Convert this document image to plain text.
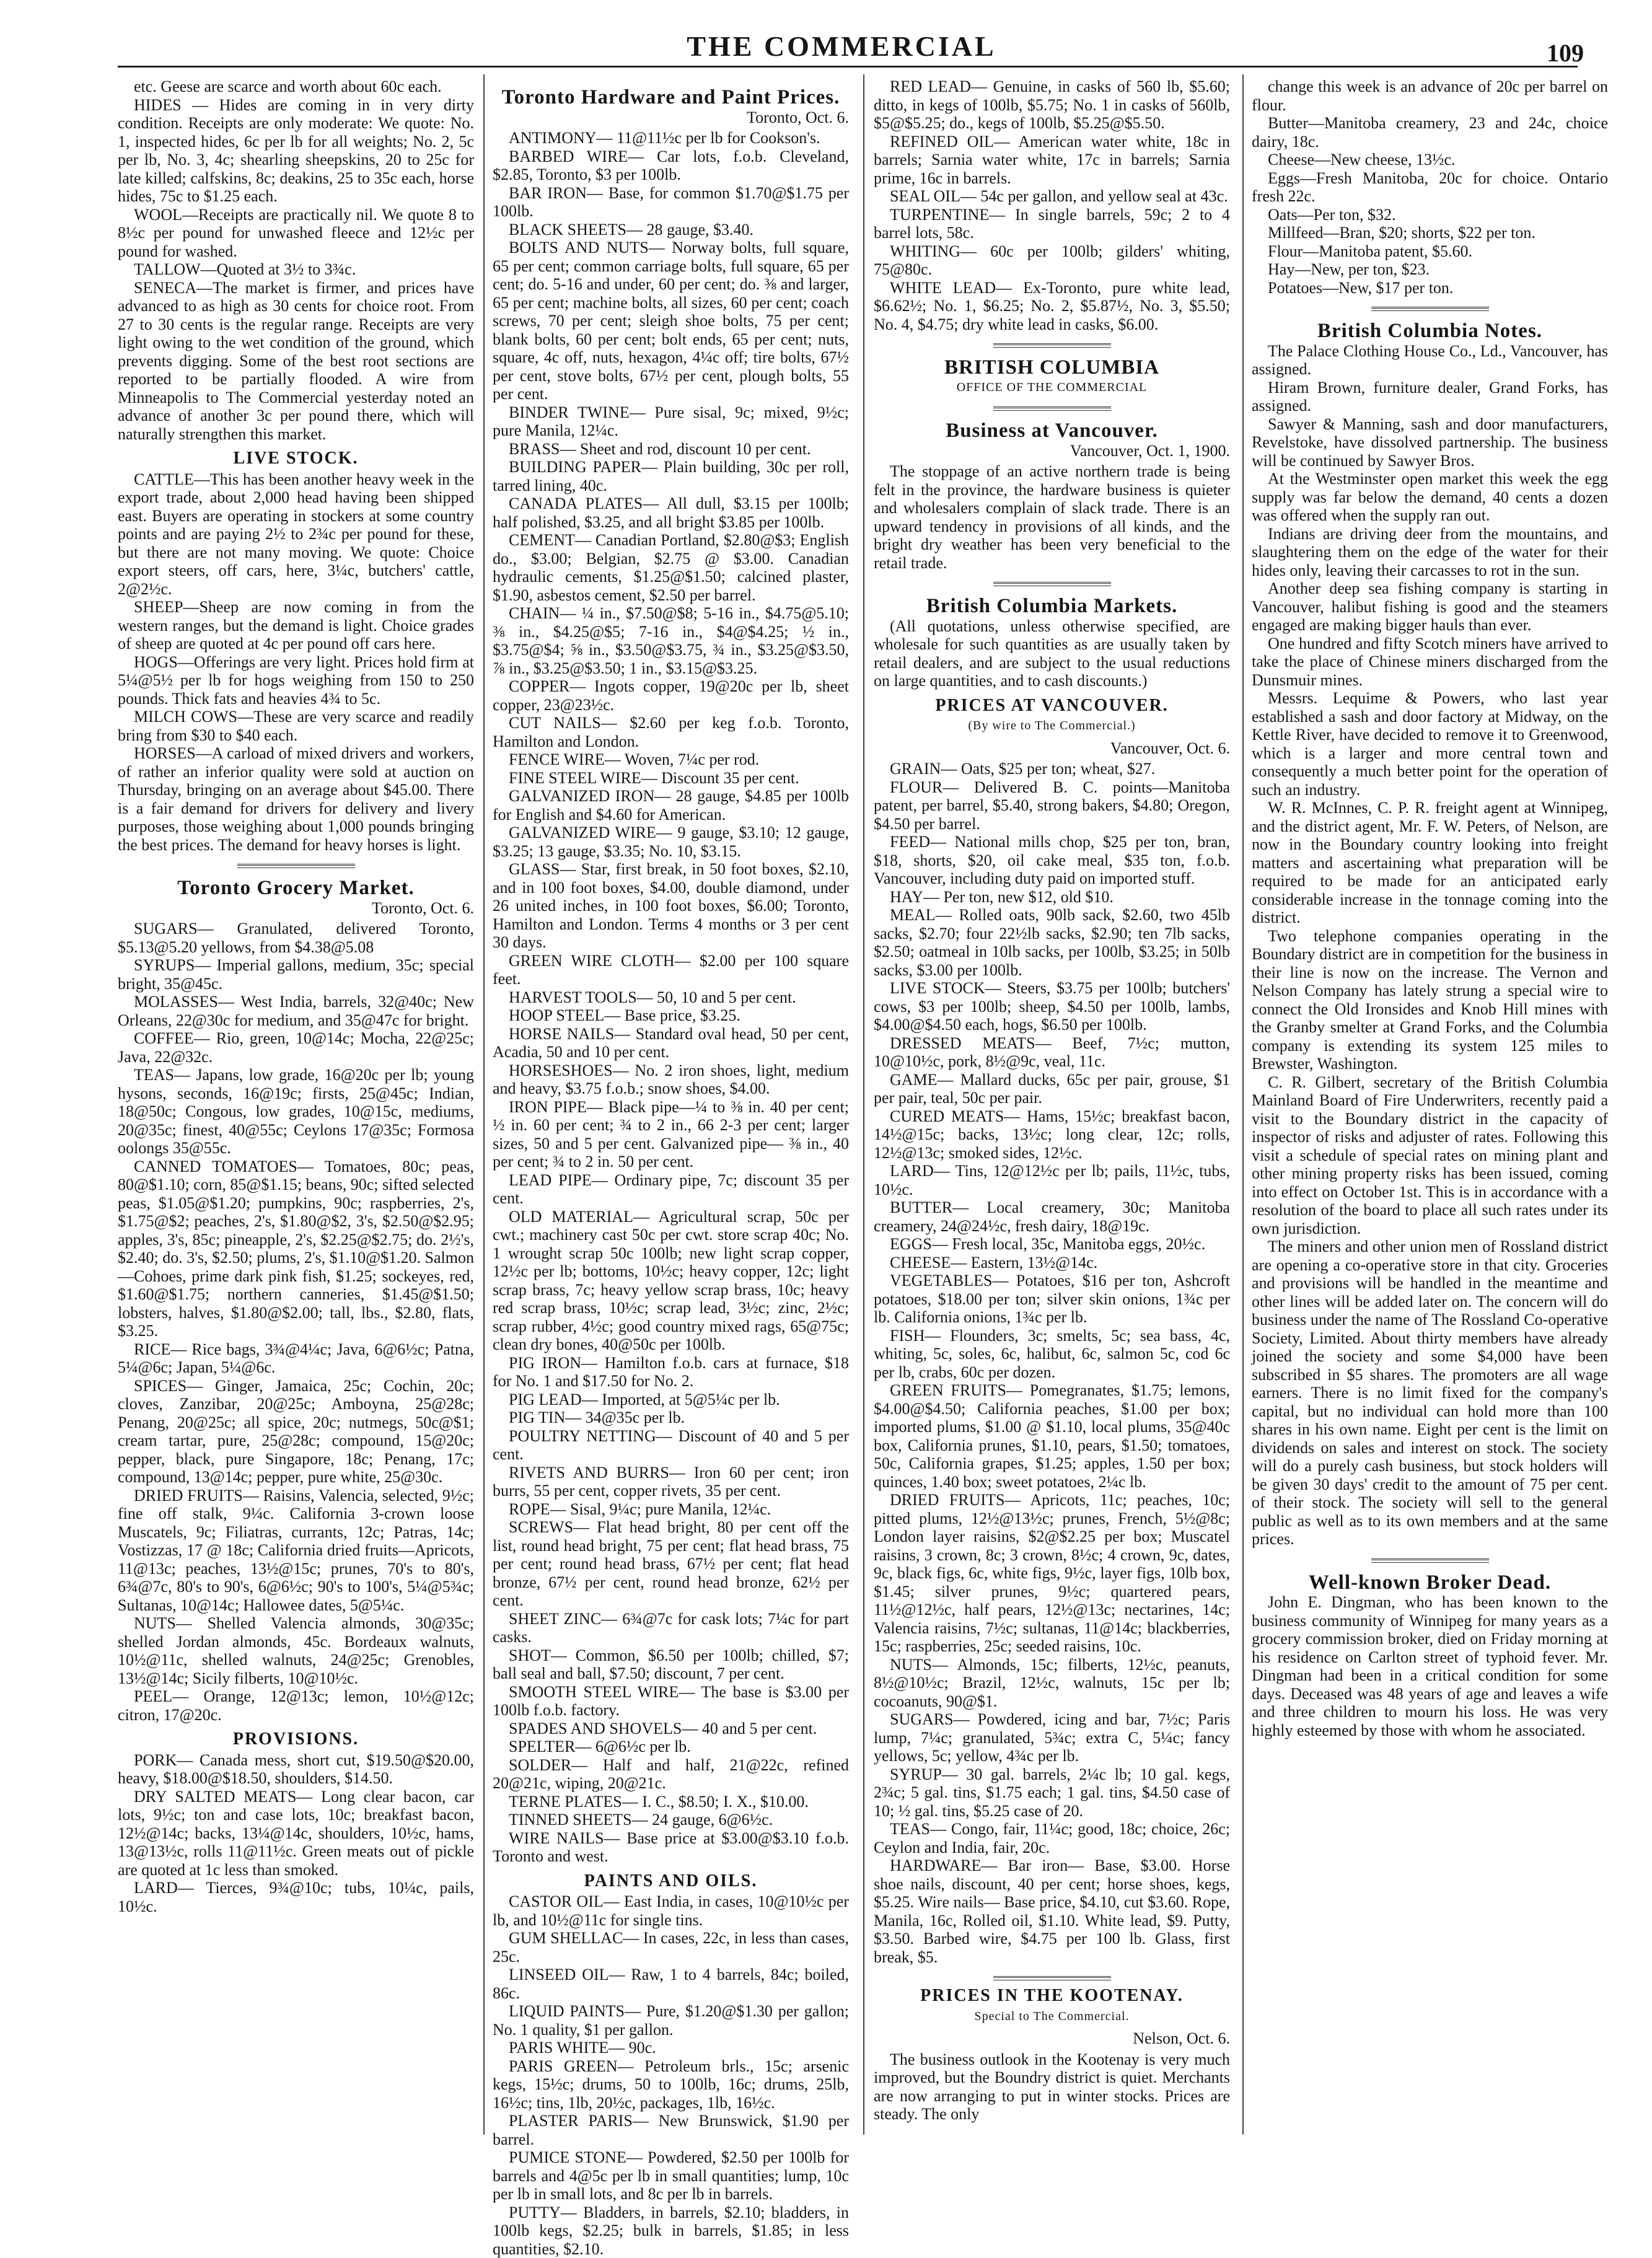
THE COMMERCIAL	109

etc. Geese are scarce and worth about 60c each.

HIDES — Hides are coming in in very dirty condition. Receipts are only moderate: We quote: No. 1, inspected hides, 6c per lb for all weights; No. 2, 5c per lb, No. 3, 4c; shearling sheepskins, 20 to 25c for late killed; calfskins, 8c; deakins, 25 to 35c each, horse hides, 75c to $1.25 each.

WOOL—Receipts are practically nil. We quote 8 to 8½c per pound for unwashed fleece and 12½c per pound for washed.

TALLOW—Quoted at 3½ to 3¾c.

SENECA—The market is firmer, and prices have advanced to as high as 30 cents for choice root. From 27 to 30 cents is the regular range. Receipts are very light owing to the wet condition of the ground, which prevents digging. Some of the best root sections are reported to be partially flooded. A wire from Minneapolis to The Commercial yesterday noted an advance of another 3c per pound there, which will naturally strengthen this market.

LIVE STOCK.

CATTLE—This has been another heavy week in the export trade, about 2,000 head having been shipped east. Buyers are operating in stockers at some country points and are paying 2½ to 2¾c per pound for these, but there are not many moving. We quote: Choice export steers, off cars, here, 3¼c, butchers' cattle, 2@2½c.

SHEEP—Sheep are now coming in from the western ranges, but the demand is light. Choice grades of sheep are quoted at 4c per pound off cars here.

HOGS—Offerings are very light. Prices hold firm at 5¼@5½ per lb for hogs weighing from 150 to 250 pounds. Thick fats and heavies 4¾ to 5c.

MILCH COWS—These are very scarce and readily bring from $30 to $40 each.

HORSES—A carload of mixed drivers and workers, of rather an inferior quality were sold at auction on Thursday, bringing on an average about $45.00. There is a fair demand for drivers for delivery and livery purposes, those weighing about 1,000 pounds bringing the best prices. The demand for heavy horses is light.

Toronto Grocery Market.
Toronto, Oct. 6.

SUGARS— Granulated, delivered Toronto, $5.13@5.20 yellows, from $4.38@5.08

SYRUPS— Imperial gallons, medium, 35c; special bright, 35@45c.

MOLASSES— West India, barrels, 32@40c; New Orleans, 22@30c for medium, and 35@47c for bright.

COFFEE— Rio, green, 10@14c; Mocha, 22@25c; Java, 22@32c.

TEAS— Japans, low grade, 16@20c per lb; young hysons, seconds, 16@19c; firsts, 25@45c; Indian, 18@50c; Congous, low grades, 10@15c, mediums, 20@35c; finest, 40@55c; Ceylons 17@35c; Formosa oolongs 35@55c.

CANNED TOMATOES— Tomatoes, 80c; peas, 80@$1.10; corn, 85@$1.15; beans, 90c; sifted selected peas, $1.05@$1.20; pumpkins, 90c; raspberries, 2's, $1.75@$2; peaches, 2's, $1.80@$2, 3's, $2.50@$2.95; apples, 3's, 85c; pineapple, 2's, $2.25@$2.75; do. 2½'s, $2.40; do. 3's, $2.50; plums, 2's, $1.10@$1.20. Salmon—Cohoes, prime dark pink fish, $1.25; sockeyes, red, $1.60@$1.75; northern canneries, $1.45@$1.50; lobsters, halves, $1.80@$2.00; tall, lbs., $2.80, flats, $3.25.

RICE— Rice bags, 3¾@4¼c; Java, 6@6½c; Patna, 5¼@6c; Japan, 5¼@6c.

SPICES— Ginger, Jamaica, 25c; Cochin, 20c; cloves, Zanzibar, 20@25c; Amboyna, 25@28c; Penang, 20@25c; all spice, 20c; nutmegs, 50c@$1; cream tartar, pure, 25@28c; compound, 15@20c; pepper, black, pure Singapore, 18c; Penang, 17c; compound, 13@14c; pepper, pure white, 25@30c.

DRIED FRUITS— Raisins, Valencia, selected, 9½c; fine off stalk, 9¼c. California 3-crown loose Muscatels, 9c; Filiatras, currants, 12c; Patras, 14c; Vostizzas, 17 @ 18c; California dried fruits—Apricots, 11@13c; peaches, 13½@15c; prunes, 70's to 80's, 6¾@7c, 80's to 90's, 6@6½c; 90's to 100's, 5¼@5¾c; Sultanas, 10@14c; Hallowee dates, 5@5¼c.

NUTS— Shelled Valencia almonds, 30@35c; shelled Jordan almonds, 45c. Bordeaux walnuts, 10½@11c, shelled walnuts, 24@25c; Grenobles, 13½@14c; Sicily filberts, 10@10½c.

PEEL— Orange, 12@13c; lemon, 10½@12c; citron, 17@20c.

PROVISIONS.

PORK— Canada mess, short cut, $19.50@$20.00, heavy, $18.00@$18.50, shoulders, $14.50.

DRY SALTED MEATS— Long clear bacon, car lots, 9½c; ton and case lots, 10c; breakfast bacon, 12½@14c; backs, 13¼@14c, shoulders, 10½c, hams, 13@13½c, rolls 11@11½c. Green meats out of pickle are quoted at 1c less than smoked.

LARD— Tierces, 9¾@10c; tubs, 10¼c, pails, 10½c.

Toronto Hardware and Paint Prices.
Toronto, Oct. 6.

ANTIMONY— 11@11½c per lb for Cookson's.

BARBED WIRE— Car lots, f.o.b. Cleveland, $2.85, Toronto, $3 per 100lb.

BAR IRON— Base, for common $1.70@$1.75 per 100lb.

BLACK SHEETS— 28 gauge, $3.40.

BOLTS AND NUTS— Norway bolts, full square, 65 per cent; common carriage bolts, full square, 65 per cent; do. 5-16 and under, 60 per cent; do. ⅜ and larger, 65 per cent; machine bolts, all sizes, 60 per cent; coach screws, 70 per cent; sleigh shoe bolts, 75 per cent; blank bolts, 60 per cent; bolt ends, 65 per cent; nuts, square, 4c off, nuts, hexagon, 4¼c off; tire bolts, 67½ per cent, stove bolts, 67½ per cent, plough bolts, 55 per cent.

BINDER TWINE— Pure sisal, 9c; mixed, 9½c; pure Manila, 12¼c.

BRASS— Sheet and rod, discount 10 per cent.

BUILDING PAPER— Plain building, 30c per roll, tarred lining, 40c.

CANADA PLATES— All dull, $3.15 per 100lb; half polished, $3.25, and all bright $3.85 per 100lb.

CEMENT— Canadian Portland, $2.80@$3; English do., $3.00; Belgian, $2.75 @ $3.00. Canadian hydraulic cements, $1.25@$1.50; calcined plaster, $1.90, asbestos cement, $2.50 per barrel.

CHAIN— ¼ in., $7.50@$8; 5-16 in., $4.75@5.10; ⅜ in., $4.25@$5; 7-16 in., $4@$4.25; ½ in., $3.75@$4; ⅝ in., $3.50@$3.75, ¾ in., $3.25@$3.50, ⅞ in., $3.25@$3.50; 1 in., $3.15@$3.25.

COPPER— Ingots copper, 19@20c per lb, sheet copper, 23@23½c.

CUT NAILS— $2.60 per keg f.o.b. Toronto, Hamilton and London.

FENCE WIRE— Woven, 7¼c per rod.

FINE STEEL WIRE— Discount 35 per cent.

GALVANIZED IRON— 28 gauge, $4.85 per 100lb for English and $4.60 for American.

GALVANIZED WIRE— 9 gauge, $3.10; 12 gauge, $3.25; 13 gauge, $3.35; No. 10, $3.15.

GLASS— Star, first break, in 50 foot boxes, $2.10, and in 100 foot boxes, $4.00, double diamond, under 26 united inches, in 100 foot boxes, $6.00; Toronto, Hamilton and London. Terms 4 months or 3 per cent 30 days.

GREEN WIRE CLOTH— $2.00 per 100 square feet.

HARVEST TOOLS— 50, 10 and 5 per cent.

HOOP STEEL— Base price, $3.25.

HORSE NAILS— Standard oval head, 50 per cent, Acadia, 50 and 10 per cent.

HORSESHOES— No. 2 iron shoes, light, medium and heavy, $3.75 f.o.b.; snow shoes, $4.00.

IRON PIPE— Black pipe—¼ to ⅜ in. 40 per cent; ½ in. 60 per cent; ¾ to 2 in., 66 2-3 per cent; larger sizes, 50 and 5 per cent. Galvanized pipe— ⅜ in., 40 per cent; ¾ to 2 in. 50 per cent.

LEAD PIPE— Ordinary pipe, 7c; discount 35 per cent.

OLD MATERIAL— Agricultural scrap, 50c per cwt.; machinery cast 50c per cwt. store scrap 40c; No. 1 wrought scrap 50c 100lb; new light scrap copper, 12½c per lb; bottoms, 10½c; heavy copper, 12c; light scrap brass, 7c; heavy yellow scrap brass, 10c; heavy red scrap brass, 10½c; scrap lead, 3½c; zinc, 2½c; scrap rubber, 4½c; good country mixed rags, 65@75c; clean dry bones, 40@50c per 100lb.

PIG IRON— Hamilton f.o.b. cars at furnace, $18 for No. 1 and $17.50 for No. 2.

PIG LEAD— Imported, at 5@5¼c per lb.

PIG TIN— 34@35c per lb.

POULTRY NETTING— Discount of 40 and 5 per cent.

RIVETS AND BURRS— Iron 60 per cent; iron burrs, 55 per cent, copper rivets, 35 per cent.

ROPE— Sisal, 9¼c; pure Manila, 12¼c.

SCREWS— Flat head bright, 80 per cent off the list, round head bright, 75 per cent; flat head brass, 75 per cent; round head brass, 67½ per cent; flat head bronze, 67½ per cent, round head bronze, 62½ per cent.

SHEET ZINC— 6¾@7c for cask lots; 7¼c for part casks.

SHOT— Common, $6.50 per 100lb; chilled, $7; ball seal and ball, $7.50; discount, 7 per cent.

SMOOTH STEEL WIRE— The base is $3.00 per 100lb f.o.b. factory.

SPADES AND SHOVELS— 40 and 5 per cent.

SPELTER— 6@6½c per lb.

SOLDER— Half and half, 21@22c, refined 20@21c, wiping, 20@21c.

TERNE PLATES— I. C., $8.50; I. X., $10.00.

TINNED SHEETS— 24 gauge, 6@6½c.

WIRE NAILS— Base price at $3.00@$3.10 f.o.b. Toronto and west.

PAINTS AND OILS.

CASTOR OIL— East India, in cases, 10@10½c per lb, and 10½@11c for single tins.

GUM SHELLAC— In cases, 22c, in less than cases, 25c.

LINSEED OIL— Raw, 1 to 4 barrels, 84c; boiled, 86c.

LIQUID PAINTS— Pure, $1.20@$1.30 per gallon; No. 1 quality, $1 per gallon.

PARIS WHITE— 90c.

PARIS GREEN— Petroleum brls., 15c; arsenic kegs, 15½c; drums, 50 to 100lb, 16c; drums, 25lb, 16½c; tins, 1lb, 20½c, packages, 1lb, 16½c.

PLASTER PARIS— New Brunswick, $1.90 per barrel.

PUMICE STONE— Powdered, $2.50 per 100lb for barrels and 4@5c per lb in small quantities; lump, 10c per lb in small lots, and 8c per lb in barrels.

PUTTY— Bladders, in barrels, $2.10; bladders, in 100lb kegs, $2.25; bulk in barrels, $1.85; in less quantities, $2.10.

RED LEAD— Genuine, in casks of 560 lb, $5.60; ditto, in kegs of 100lb, $5.75; No. 1 in casks of 560lb, $5@$5.25; do., kegs of 100lb, $5.25@$5.50.

REFINED OIL— American water white, 18c in barrels; Sarnia water white, 17c in barrels; Sarnia prime, 16c in barrels.

SEAL OIL— 54c per gallon, and yellow seal at 43c.

TURPENTINE— In single barrels, 59c; 2 to 4 barrel lots, 58c.

WHITING— 60c per 100lb; gilders' whiting, 75@80c.

WHITE LEAD— Ex-Toronto, pure white lead, $6.62½; No. 1, $6.25; No. 2, $5.87½, No. 3, $5.50; No. 4, $4.75; dry white lead in casks, $6.00.

BRITISH COLUMBIA
OFFICE OF THE COMMERCIAL
Business at Vancouver.
Vancouver, Oct. 1, 1900.

The stoppage of an active northern trade is being felt in the province, the hardware business is quieter and wholesalers complain of slack trade. There is an upward tendency in provisions of all kinds, and the bright dry weather has been very beneficial to the retail trade.

British Columbia Markets.

(All quotations, unless otherwise specified, are wholesale for such quantities as are usually taken by retail dealers, and are subject to the usual reductions on large quantities, and to cash discounts.)

PRICES AT VANCOUVER.
(By wire to The Commercial.)
Vancouver, Oct. 6.

GRAIN— Oats, $25 per ton; wheat, $27.

FLOUR— Delivered B. C. points—Manitoba patent, per barrel, $5.40, strong bakers, $4.80; Oregon, $4.50 per barrel.

FEED— National mills chop, $25 per ton, bran, $18, shorts, $20, oil cake meal, $35 ton, f.o.b. Vancouver, including duty paid on imported stuff.

HAY— Per ton, new $12, old $10.

MEAL— Rolled oats, 90lb sack, $2.60, two 45lb sacks, $2.70; four 22½lb sacks, $2.90; ten 7lb sacks, $2.50; oatmeal in 10lb sacks, per 100lb, $3.25; in 50lb sacks, $3.00 per 100lb.

LIVE STOCK— Steers, $3.75 per 100lb; butchers' cows, $3 per 100lb; sheep, $4.50 per 100lb, lambs, $4.00@$4.50 each, hogs, $6.50 per 100lb.

DRESSED MEATS— Beef, 7½c; mutton, 10@10½c, pork, 8½@9c, veal, 11c.

GAME— Mallard ducks, 65c per pair, grouse, $1 per pair, teal, 50c per pair.

CURED MEATS— Hams, 15½c; breakfast bacon, 14½@15c; backs, 13½c; long clear, 12c; rolls, 12½@13c; smoked sides, 12½c.

LARD— Tins, 12@12½c per lb; pails, 11½c, tubs, 10½c.

BUTTER— Local creamery, 30c; Manitoba creamery, 24@24½c, fresh dairy, 18@19c.

EGGS— Fresh local, 35c, Manitoba eggs, 20½c.

CHEESE— Eastern, 13½@14c.

VEGETABLES— Potatoes, $16 per ton, Ashcroft potatoes, $18.00 per ton; silver skin onions, 1¾c per lb. California onions, 1¾c per lb.

FISH— Flounders, 3c; smelts, 5c; sea bass, 4c, whiting, 5c, soles, 6c, halibut, 6c, salmon 5c, cod 6c per lb, crabs, 60c per dozen.

GREEN FRUITS— Pomegranates, $1.75; lemons, $4.00@$4.50; California peaches, $1.00 per box; imported plums, $1.00 @ $1.10, local plums, 35@40c box, California prunes, $1.10, pears, $1.50; tomatoes, 50c, California grapes, $1.25; apples, 1.50 per box; quinces, 1.40 box; sweet potatoes, 2¼c lb.

DRIED FRUITS— Apricots, 11c; peaches, 10c; pitted plums, 12½@13½c; prunes, French, 5½@8c; London layer raisins, $2@$2.25 per box; Muscatel raisins, 3 crown, 8c; 3 crown, 8½c; 4 crown, 9c, dates, 9c, black figs, 6c, white figs, 9½c, layer figs, 10lb box, $1.45; silver prunes, 9½c; quartered pears, 11½@12½c, half pears, 12½@13c; nectarines, 14c; Valencia raisins, 7½c; sultanas, 11@14c; blackberries, 15c; raspberries, 25c; seeded raisins, 10c.

NUTS— Almonds, 15c; filberts, 12½c, peanuts, 8½@10½c; Brazil, 12½c, walnuts, 15c per lb; cocoanuts, 90@$1.

SUGARS— Powdered, icing and bar, 7½c; Paris lump, 7¼c; granulated, 5¾c; extra C, 5¼c; fancy yellows, 5c; yellow, 4¾c per lb.

SYRUP— 30 gal. barrels, 2¼c lb; 10 gal. kegs, 2¾c; 5 gal. tins, $1.75 each; 1 gal. tins, $4.50 case of 10; ½ gal. tins, $5.25 case of 20.

TEAS— Congo, fair, 11¼c; good, 18c; choice, 26c; Ceylon and India, fair, 20c.

HARDWARE— Bar iron— Base, $3.00. Horse shoe nails, discount, 40 per cent; horse shoes, kegs, $5.25. Wire nails— Base price, $4.10, cut $3.60. Rope, Manila, 16c, Rolled oil, $1.10. White lead, $9. Putty, $3.50. Barbed wire, $4.75 per 100 lb. Glass, first break, $5.

PRICES IN THE KOOTENAY.
Special to The Commercial.
Nelson, Oct. 6.

The business outlook in the Kootenay is very much improved, but the Boundry district is quiet. Merchants are now arranging to put in winter stocks. Prices are steady. The only

change this week is an advance of 20c per barrel on flour.

Butter—Manitoba creamery, 23 and 24c, choice dairy, 18c.

Cheese—New cheese, 13½c.

Eggs—Fresh Manitoba, 20c for choice. Ontario fresh 22c.

Oats—Per ton, $32.

Millfeed—Bran, $20; shorts, $22 per ton.

Flour—Manitoba patent, $5.60.

Hay—New, per ton, $23.

Potatoes—New, $17 per ton.

British Columbia Notes.

The Palace Clothing House Co., Ld., Vancouver, has assigned.

Hiram Brown, furniture dealer, Grand Forks, has assigned.

Sawyer & Manning, sash and door manufacturers, Revelstoke, have dissolved partnership. The business will be continued by Sawyer Bros.

At the Westminster open market this week the egg supply was far below the demand, 40 cents a dozen was offered when the supply ran out.

Indians are driving deer from the mountains, and slaughtering them on the edge of the water for their hides only, leaving their carcasses to rot in the sun.

Another deep sea fishing company is starting in Vancouver, halibut fishing is good and the steamers engaged are making bigger hauls than ever.

One hundred and fifty Scotch miners have arrived to take the place of Chinese miners discharged from the Dunsmuir mines.

Messrs. Lequime & Powers, who last year established a sash and door factory at Midway, on the Kettle River, have decided to remove it to Greenwood, which is a larger and more central town and consequently a much better point for the operation of such an industry.

W. R. McInnes, C. P. R. freight agent at Winnipeg, and the district agent, Mr. F. W. Peters, of Nelson, are now in the Boundary country looking into freight matters and ascertaining what preparation will be required to be made for an anticipated early considerable increase in the tonnage coming into the district.

Two telephone companies operating in the Boundary district are in competition for the business in their line is now on the increase. The Vernon and Nelson Company has lately strung a special wire to connect the Old Ironsides and Knob Hill mines with the Granby smelter at Grand Forks, and the Columbia company is extending its system 125 miles to Brewster, Washington.

C. R. Gilbert, secretary of the British Columbia Mainland Board of Fire Underwriters, recently paid a visit to the Boundary district in the capacity of inspector of risks and adjuster of rates. Following this visit a schedule of special rates on mining plant and other mining property risks has been issued, coming into effect on October 1st. This is in accordance with a resolution of the board to place all such rates under its own jurisdiction.

The miners and other union men of Rossland district are opening a co-operative store in that city. Groceries and provisions will be handled in the meantime and other lines will be added later on. The concern will do business under the name of The Rossland Co-operative Society, Limited. About thirty members have already joined the society and some $4,000 have been subscribed in $5 shares. The promoters are all wage earners. There is no limit fixed for the company's capital, but no individual can hold more than 100 shares in his own name. Eight per cent is the limit on dividends on sales and interest on stock. The society will do a purely cash business, but stock holders will be given 30 days' credit to the amount of 75 per cent. of their stock. The society will sell to the general public as well as to its own members and at the same prices.

Well-known Broker Dead.

John E. Dingman, who has been known to the business community of Winnipeg for many years as a grocery commission broker, died on Friday morning at his residence on Carlton street of typhoid fever. Mr. Dingman had been in a critical condition for some days. Deceased was 48 years of age and leaves a wife and three children to mourn his loss. He was very highly esteemed by those with whom he associated.
